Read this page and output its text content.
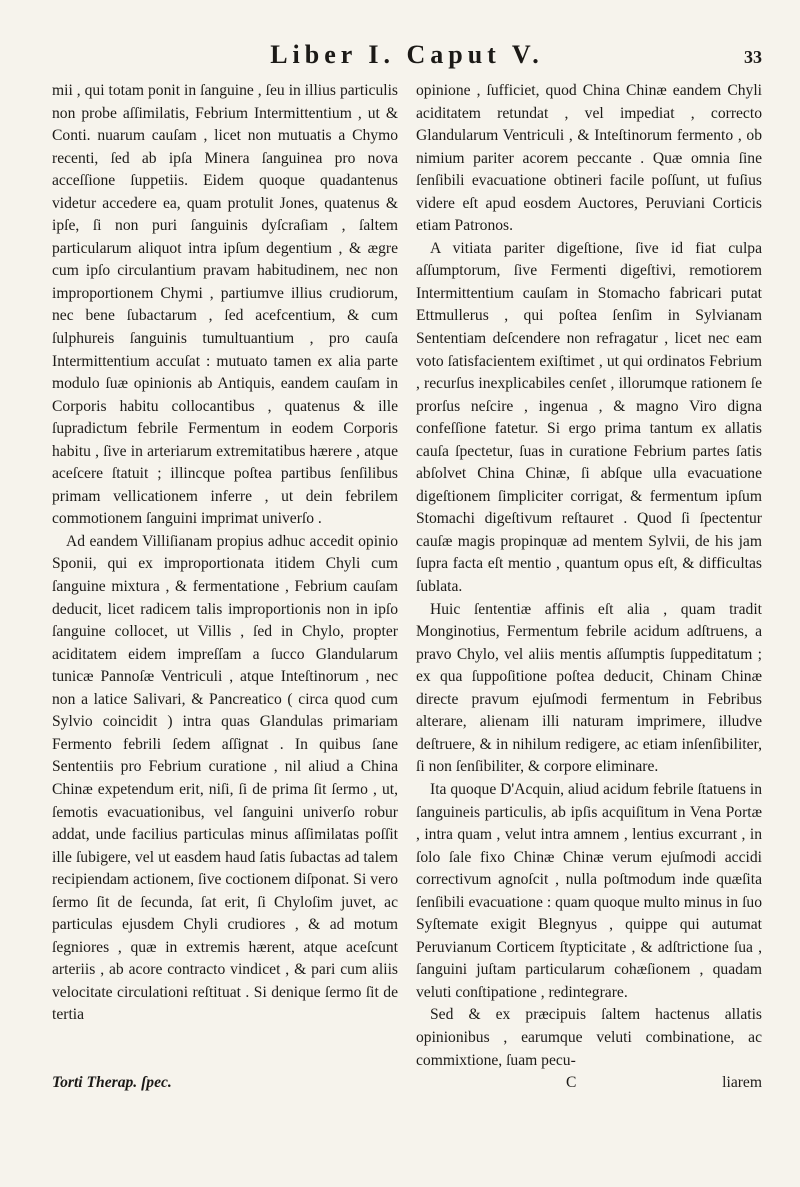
Liber I. Caput V.	33

mii , qui totam ponit in ſanguine , ſeu in illius particulis non probe aſſimilatis, Febrium Intermittentium , ut & Conti. nuarum cauſam , licet non mutuatis a Chymo recenti, ſed ab ipſa Minera ſanguinea pro nova acceſſione ſuppetiis. Eidem quoque quadantenus videtur accedere ea, quam protulit Jones, quatenus & ipſe, ſi non puri ſanguinis dyſcraſiam , ſaltem particularum aliquot intra ipſum degentium , & ægre cum ipſo circulantium pravam habitudinem, nec non improportionem Chymi , partiumve illius crudiorum, nec bene ſubactarum , ſed acefcentium, & cum ſulphureis ſanguinis tumultuantium , pro cauſa Intermittentium accuſat : mutuato tamen ex alia parte modulo ſuæ opinionis ab Antiquis, eandem cauſam in Corporis habitu collocantibus , quatenus & ille ſupradictum febrile Fermentum in eodem Corporis habitu , ſive in arteriarum extremitatibus hærere , atque aceſcere ſtatuit ; illincque poſtea partibus ſenſilibus primam vellicationem inferre , ut dein febrilem commotionem ſanguini imprimat univerſo .

Ad eandem Villiſianam propius adhuc accedit opinio Sponii, qui ex improportionata itidem Chyli cum ſanguine mixtura , & fermentatione , Febrium cauſam deducit, licet radicem talis improportionis non in ipſo ſanguine collocet, ut Villis , ſed in Chylo, propter aciditatem eidem impreſſam a ſucco Glandularum tunicæ Pannoſæ Ventriculi , atque Inteſtinorum , nec non a latice Salivari, & Pancreatico ( circa quod cum Sylvio coincidit ) intra quas Glandulas primariam Fermento febrili ſedem aſſignat . In quibus ſane Sententiis pro Febrium curatione , nil aliud a China Chinæ expetendum erit, niſi, ſi de prima ſit ſermo , ut, ſemotis evacuationibus, vel ſanguini univerſo robur addat, unde facilius particulas minus aſſimilatas poſſit ille ſubigere, vel ut easdem haud ſatis ſubactas ad talem recipiendam actionem, ſive coctionem diſponat. Si vero ſermo ſit de ſecunda, ſat erit, ſi Chyloſim juvet, ac particulas ejusdem Chyli crudiores , & ad motum ſegniores , quæ in extremis hærent, atque aceſcunt arteriis , ab acore contracto vindicet , & pari cum aliis velocitate circulationi reſtituat . Si denique ſermo ſit de tertia

opinione , ſufficiet, quod China Chinæ eandem Chyli aciditatem retundat , vel impediat , correcto Glandularum Ventriculi , & Inteſtinorum fermento , ob nimium pariter acorem peccante . Quæ omnia ſine ſenſibili evacuatione obtineri facile poſſunt, ut fuſius videre eſt apud eosdem Auctores, Peruviani Corticis etiam Patronos.

A vitiata pariter digeſtione, ſive id fiat culpa aſſumptorum, ſive Fermenti digeſtivi, remotiorem Intermittentium cauſam in Stomacho fabricari putat Ettmullerus , qui poſtea ſenſim in Sylvianam Sententiam deſcendere non refragatur , licet nec eam voto ſatisfacientem exiſtimet , ut qui ordinatos Febrium , recurſus inexplicabiles cenſet , illorumque rationem ſe prorſus neſcire , ingenua , & magno Viro digna confeſſione fatetur. Si ergo prima tantum ex allatis cauſa ſpectetur, ſuas in curatione Febrium partes ſatis abſolvet China Chinæ, ſi abſque ulla evacuatione digeſtionem ſimpliciter corrigat, & fermentum ipſum Stomachi digeſtivum reſtauret . Quod ſi ſpectentur cauſæ magis propinquæ ad mentem Sylvii, de his jam ſupra facta eſt mentio , quantum opus eſt, & difficultas ſublata.

Huic ſententiæ affinis eſt alia , quam tradit Monginotius, Fermentum febrile acidum adſtruens, a pravo Chylo, vel aliis mentis aſſumptis ſuppeditatum ; ex qua ſuppoſitione poſtea deducit, Chinam Chinæ directe pravum ejuſmodi fermentum in Febribus alterare, alienam illi naturam imprimere, illudve deſtruere, & in nihilum redigere, ac etiam inſenſibiliter, ſi non ſenſibiliter, & corpore eliminare.

Ita quoque D'Acquin, aliud acidum febrile ſtatuens in ſanguineis particulis, ab ipſis acquiſitum in Vena Portæ , intra quam , velut intra amnem , lentius excurrant , in ſolo ſale fixo Chinæ Chinæ verum ejuſmodi accidi correctivum agnoſcit , nulla poſtmodum inde quæſita ſenſibili evacuatione : quam quoque multo minus in ſuo Syſtemate exigit Blegnyus , quippe qui autumat Peruvianum Corticem ſtypticitate , & adſtrictione ſua , ſanguini juſtam particularum cohæſionem , quadam veluti conſtipatione , redintegrare.

Sed & ex præcipuis ſaltem hactenus allatis opinionibus , earumque veluti combinatione, ac commixtione, ſuam pecu-

Torti Therap. ſpec.	C	liarem
